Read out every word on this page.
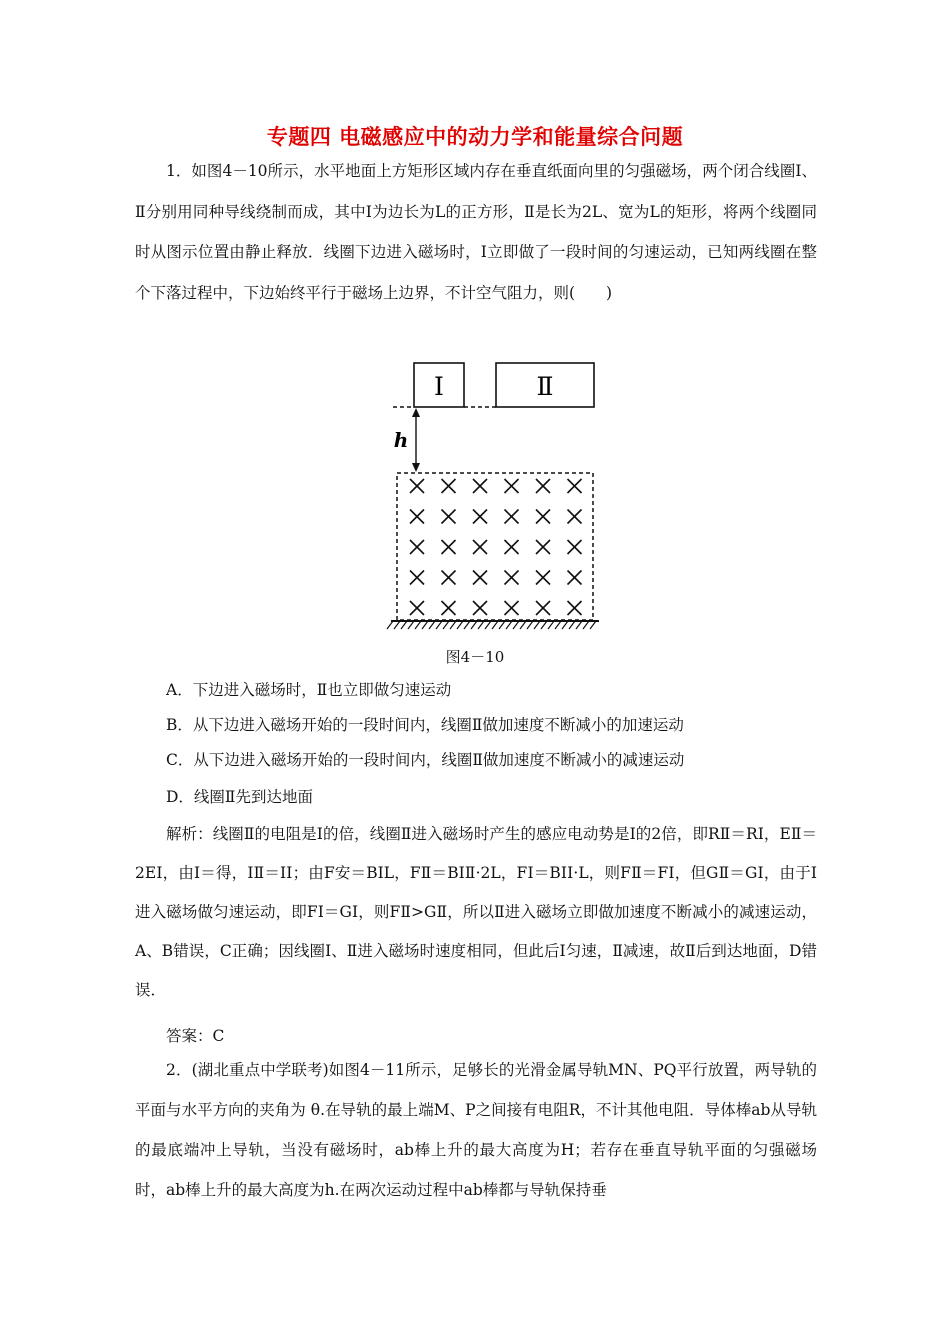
专题四 电磁感应中的动力学和能量综合问题
1．如图4－10所示，水平地面上方矩形区域内存在垂直纸面向里的匀强磁场，两个闭合线圈Ⅰ、Ⅱ分别用同种导线绕制而成，其中Ⅰ为边长为L的正方形，Ⅱ是长为2L、宽为L的矩形，将两个线圈同时从图示位置由静止释放．线圈下边进入磁场时，Ⅰ立即做了一段时间的匀速运动，已知两线圈在整个下落过程中，下边始终平行于磁场上边界，不计空气阻力，则(　　)
Ⅰ	Ⅱ
h
图4－10
A．下边进入磁场时，Ⅱ也立即做匀速运动
B．从下边进入磁场开始的一段时间内，线圈Ⅱ做加速度不断减小的加速运动
C．从下边进入磁场开始的一段时间内，线圈Ⅱ做加速度不断减小的减速运动
D．线圈Ⅱ先到达地面
解析：线圈Ⅱ的电阻是Ⅰ的倍，线圈Ⅱ进入磁场时产生的感应电动势是Ⅰ的2倍，即RⅡ＝RⅠ，EⅡ＝2EⅠ，由I＝得，IⅡ＝IⅠ；由F安＝BIL，FⅡ＝BIⅡ·2L，FⅠ＝BIⅠ·L，则FⅡ＝FⅠ，但GⅡ＝GⅠ，由于Ⅰ进入磁场做匀速运动，即FⅠ＝GⅠ，则FⅡ>GⅡ，所以Ⅱ进入磁场立即做加速度不断减小的减速运动，A、B错误，C正确；因线圈Ⅰ、Ⅱ进入磁场时速度相同，但此后Ⅰ匀速，Ⅱ减速，故Ⅱ后到达地面，D错误．
答案：C
2．(湖北重点中学联考)如图4－11所示，足够长的光滑金属导轨MN、PQ平行放置，两导轨的平面与水平方向的夹角为 θ.在导轨的最上端M、P之间接有电阻R，不计其他电阻．导体棒ab从导轨的最底端冲上导轨，当没有磁场时，ab棒上升的最大高度为H；若存在垂直导轨平面的匀强磁场时，ab棒上升的最大高度为h.在两次运动过程中ab棒都与导轨保持垂
